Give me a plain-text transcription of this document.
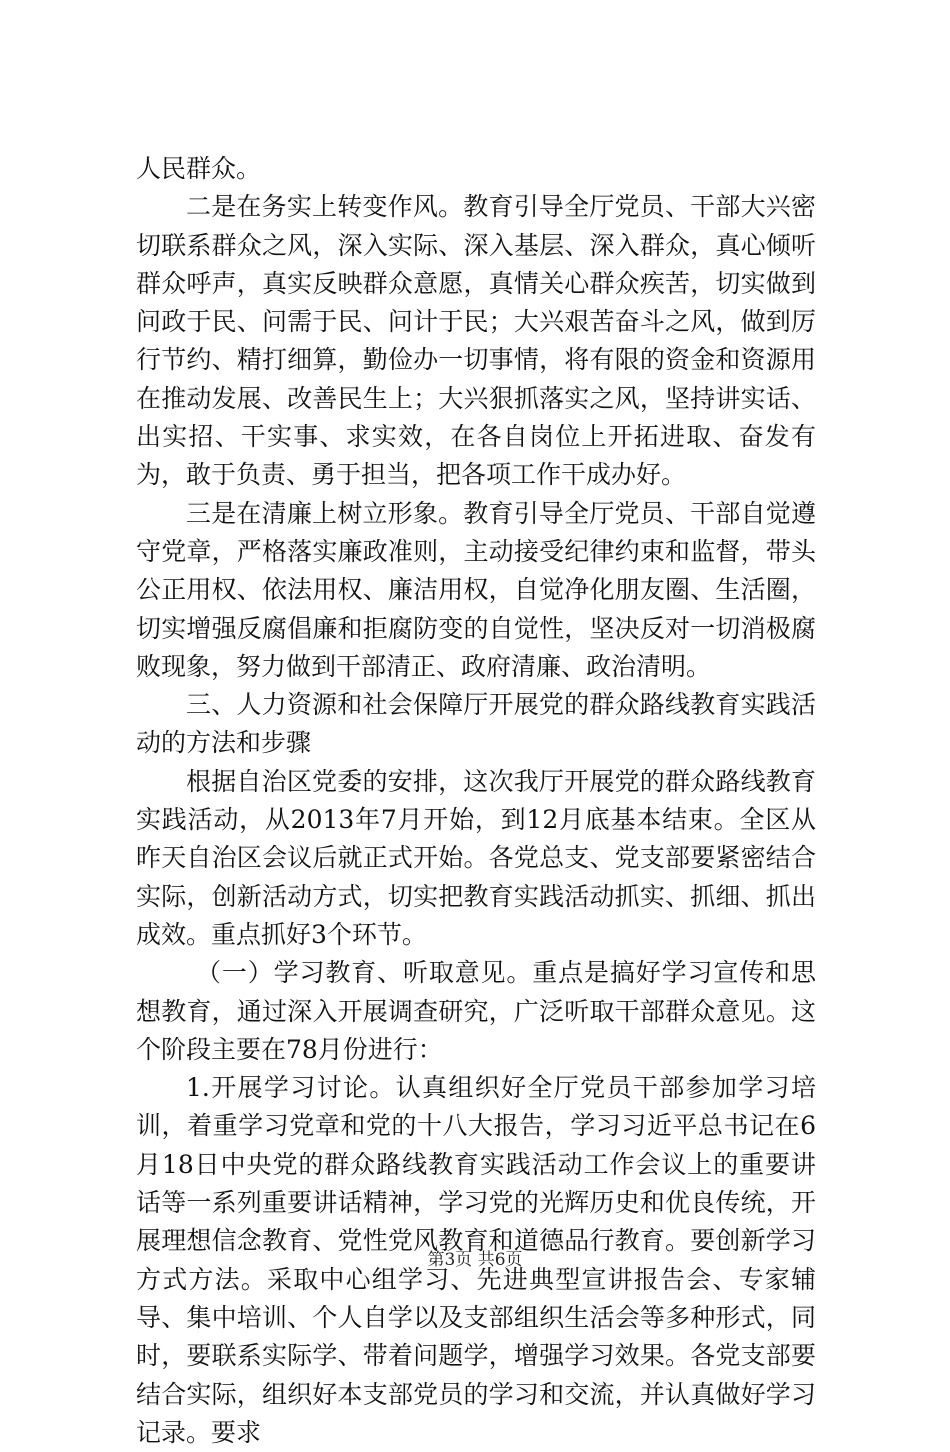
人民群众。

二是在务实上转变作风。教育引导全厅党员、干部大兴密切联系群众之风，深入实际、深入基层、深入群众，真心倾听群众呼声，真实反映群众意愿，真情关心群众疾苦，切实做到问政于民、问需于民、问计于民；大兴艰苦奋斗之风，做到厉行节约、精打细算，勤俭办一切事情，将有限的资金和资源用在推动发展、改善民生上；大兴狠抓落实之风，坚持讲实话、出实招、干实事、求实效，在各自岗位上开拓进取、奋发有为，敢于负责、勇于担当，把各项工作干成办好。

三是在清廉上树立形象。教育引导全厅党员、干部自觉遵守党章，严格落实廉政准则，主动接受纪律约束和监督，带头公正用权、依法用权、廉洁用权，自觉净化朋友圈、生活圈，切实增强反腐倡廉和拒腐防变的自觉性，坚决反对一切消极腐败现象，努力做到干部清正、政府清廉、政治清明。

三、人力资源和社会保障厅开展党的群众路线教育实践活动的方法和步骤

根据自治区党委的安排，这次我厅开展党的群众路线教育实践活动，从2013年7月开始，到12月底基本结束。全区从昨天自治区会议后就正式开始。各党总支、党支部要紧密结合实际，创新活动方式，切实把教育实践活动抓实、抓细、抓出成效。重点抓好3个环节。

（一）学习教育、听取意见。重点是搞好学习宣传和思想教育，通过深入开展调查研究，广泛听取干部群众意见。这个阶段主要在78月份进行：

1.开展学习讨论。认真组织好全厅党员干部参加学习培训，着重学习党章和党的十八大报告，学习习近平总书记在6月18日中央党的群众路线教育实践活动工作会议上的重要讲话等一系列重要讲话精神，学习党的光辉历史和优良传统，开展理想信念教育、党性党风教育和道德品行教育。要创新学习方式方法。采取中心组学习、先进典型宣讲报告会、专家辅导、集中培训、个人自学以及支部组织生活会等多种形式，同时，要联系实际学、带着问题学，增强学习效果。各党支部要结合实际，组织好本支部党员的学习和交流，并认真做好学习记录。要求

第3页 共6页
